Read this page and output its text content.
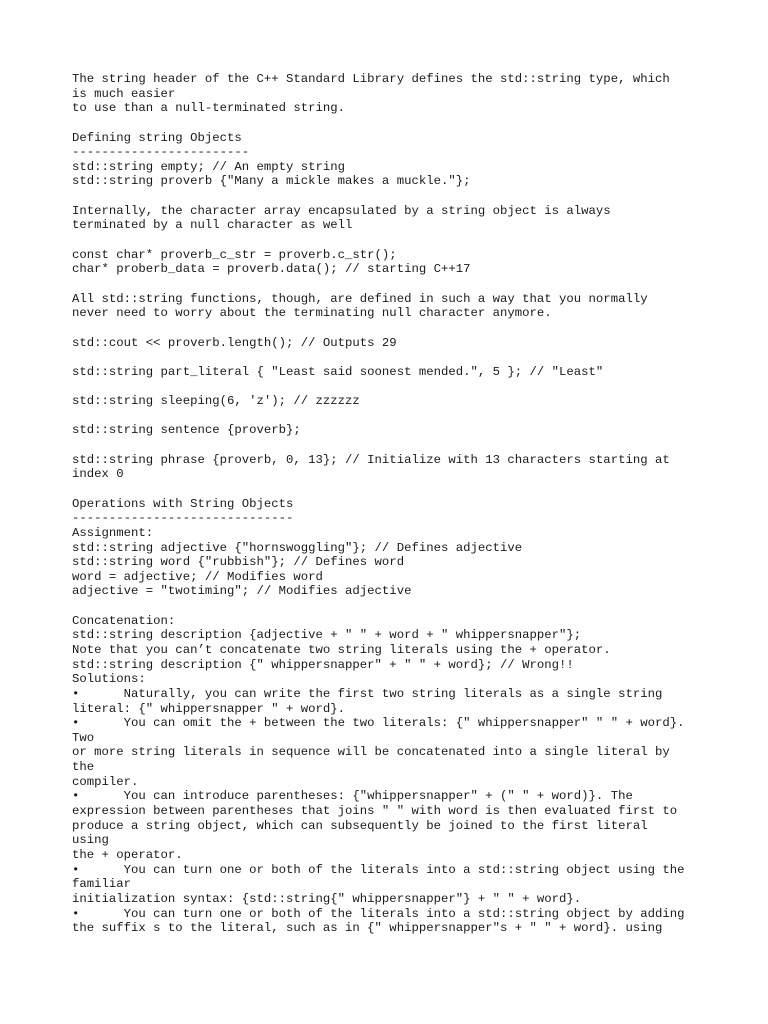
The string header of the C++ Standard Library defines the std::string type, which
is much easier
to use than a null-terminated string.
Defining string Objects
------------------------
std::string empty; // An empty string
std::string proverb {"Many a mickle makes a muckle."};
Internally, the character array encapsulated by a string object is always
terminated by a null character as well
const char* proverb_c_str = proverb.c_str();
char* proberb_data = proverb.data(); // starting C++17
All std::string functions, though, are defined in such a way that you normally
never need to worry about the terminating null character anymore.
std::cout << proverb.length(); // Outputs 29
std::string part_literal { "Least said soonest mended.", 5 }; // "Least"
std::string sleeping(6, 'z'); // zzzzzz
std::string sentence {proverb};
std::string phrase {proverb, 0, 13}; // Initialize with 13 characters starting at
index 0
Operations with String Objects
------------------------------
Assignment:
std::string adjective {"hornswoggling"}; // Defines adjective
std::string word {"rubbish"}; // Defines word
word = adjective; // Modifies word
adjective = "twotiming"; // Modifies adjective
Concatenation:
std::string description {adjective + " " + word + " whippersnapper"};
Note that you can’t concatenate two string literals using the + operator.
std::string description {" whippersnapper" + " " + word}; // Wrong!!
Solutions:
•      Naturally, you can write the first two string literals as a single string
literal: {" whippersnapper " + word}.
•      You can omit the + between the two literals: {" whippersnapper" " " + word}.
Two
or more string literals in sequence will be concatenated into a single literal by
the
compiler.
•      You can introduce parentheses: {"whippersnapper" + (" " + word)}. The
expression between parentheses that joins " " with word is then evaluated first to
produce a string object, which can subsequently be joined to the first literal
using
the + operator.
•      You can turn one or both of the literals into a std::string object using the
familiar
initialization syntax: {std::string{" whippersnapper"} + " " + word}.
•      You can turn one or both of the literals into a std::string object by adding
the suffix s to the literal, such as in {" whippersnapper"s + " " + word}. using
